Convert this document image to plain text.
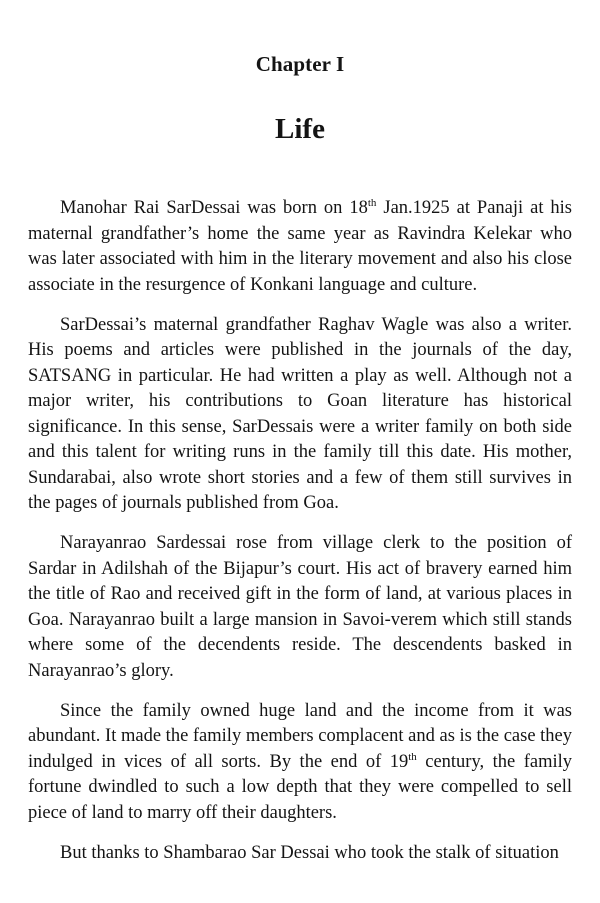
Chapter I
Life

Manohar Rai SarDessai was born on 18th Jan.1925 at Panaji at his maternal grandfather’s home the same year as Ravindra Kelekar who was later associated with him in the literary movement and also his close associate in the resurgence of Konkani language and culture.

SarDessai’s maternal grandfather Raghav Wagle was also a writer. His poems and articles were published in the journals of the day, SATSANG in particular. He had written a play as well. Although not a major writer, his contributions to Goan literature has historical significance. In this sense, SarDessais were a writer family on both side and this talent for writing runs in the family till this date. His mother, Sundarabai, also wrote short stories and a few of them still survives in the pages of journals published from Goa.

Narayanrao Sardessai rose from village clerk to the position of Sardar in Adilshah of the Bijapur’s court. His act of bravery earned him the title of Rao and received gift in the form of land, at various places in Goa. Narayanrao built a large mansion in Savoi-verem which still stands where some of the decendents reside. The descendents basked in Narayanrao’s glory.

Since the family owned huge land and the income from it was abundant. It made the family members complacent and as is the case they indulged in vices of all sorts. By the end of 19th century, the family fortune dwindled to such a low depth that they were compelled to sell piece of land to marry off their daughters.

But thanks to Shambarao Sar Dessai who took the stalk of situation
